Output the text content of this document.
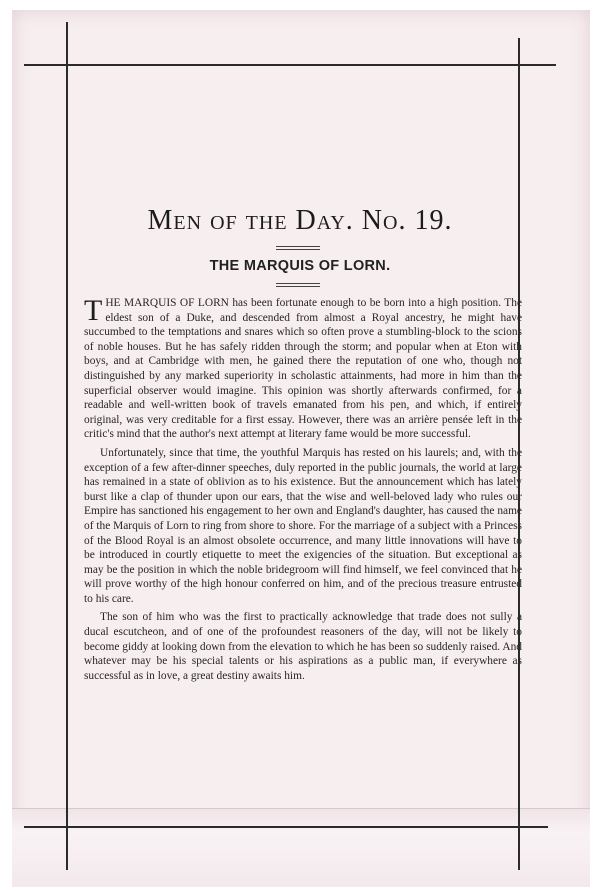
Men of the Day. No. 19.
THE MARQUIS OF LORN.

THE MARQUIS OF LORN has been fortunate enough to be born into a high position. The eldest son of a Duke, and descended from almost a Royal ancestry, he might have succumbed to the temptations and snares which so often prove a stumbling-block to the scions of noble houses. But he has safely ridden through the storm; and popular when at Eton with boys, and at Cambridge with men, he gained there the reputation of one who, though not distinguished by any marked superiority in scholastic attainments, had more in him than the superficial observer would imagine. This opinion was shortly afterwards confirmed, for a readable and well-written book of travels emanated from his pen, and which, if entirely original, was very creditable for a first essay. However, there was an arrière pensée left in the critic's mind that the author's next attempt at literary fame would be more successful.

Unfortunately, since that time, the youthful Marquis has rested on his laurels; and, with the exception of a few after-dinner speeches, duly reported in the public journals, the world at large has remained in a state of oblivion as to his existence. But the announcement which has lately burst like a clap of thunder upon our ears, that the wise and well-beloved lady who rules our Empire has sanctioned his engagement to her own and England's daughter, has caused the name of the Marquis of Lorn to ring from shore to shore. For the marriage of a subject with a Princess of the Blood Royal is an almost obsolete occurrence, and many little innovations will have to be introduced in courtly etiquette to meet the exigencies of the situation. But exceptional as may be the position in which the noble bridegroom will find himself, we feel convinced that he will prove worthy of the high honour conferred on him, and of the precious treasure entrusted to his care.

The son of him who was the first to practically acknowledge that trade does not sully a ducal escutcheon, and of one of the profoundest reasoners of the day, will not be likely to become giddy at looking down from the elevation to which he has been so suddenly raised. And whatever may be his special talents or his aspirations as a public man, if everywhere as successful as in love, a great destiny awaits him.
